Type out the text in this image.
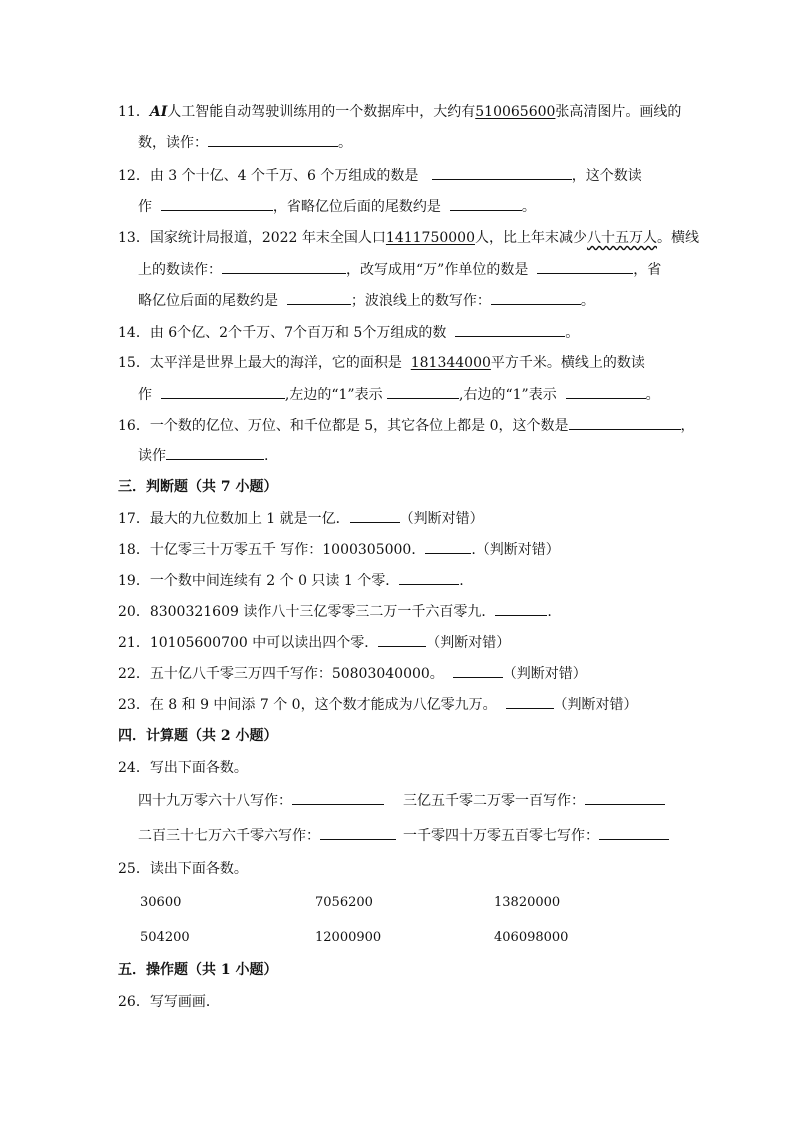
11．AI人工智能自动驾驶训练用的一个数据库中，大约有510065600张高清图片。画线的
数，读作：	。
12．由 3 个十亿、4 个千万、6 个万组成的数是	，这个数读
作	，省略亿位后面的尾数约是	。
13．国家统计局报道，2022 年末全国人口1411750000人，比上年末减少八十五万人。横线
上的数读作：	，改写成用“万”作单位的数是	，省
略亿位后面的尾数约是	；波浪线上的数写作：	。
14．由 6个亿、2个千万、7个百万和 5个万组成的数	。
15．太平洋是世界上最大的海洋，它的面积是 181344000平方千米。横线上的数读
作	,左边的“1”表示	,右边的“1”表示	。
16．一个数的亿位、万位、和千位都是 5，其它各位上都是 0，这个数是	，
读作	.
三．判断题（共 7 小题）
17．最大的九位数加上 1 就是一亿．	（判断对错）
18．十亿零三十万零五千 写作：1000305000．	.（判断对错）
19．一个数中间连续有 2 个 0 只读 1 个零．	.
20．8300321609 读作八十三亿零零三二万一千六百零九．	.
21．10105600700 中可以读出四个零．	（判断对错）
22．五十亿八千零三万四千写作：50803040000。	（判断对错）
23．在 8 和 9 中间添 7 个 0，这个数才能成为八亿零九万。	（判断对错）
四．计算题（共 2 小题）
24．写出下面各数。
四十九万零六十八写作：	三亿五千零二万零一百写作：
二百三十七万六千零六写作：	一千零四十万零五百零七写作：
25．读出下面各数。
30600	7056200	13820000
504200	12000900	406098000
五．操作题（共 1 小题）
26．写写画画．
